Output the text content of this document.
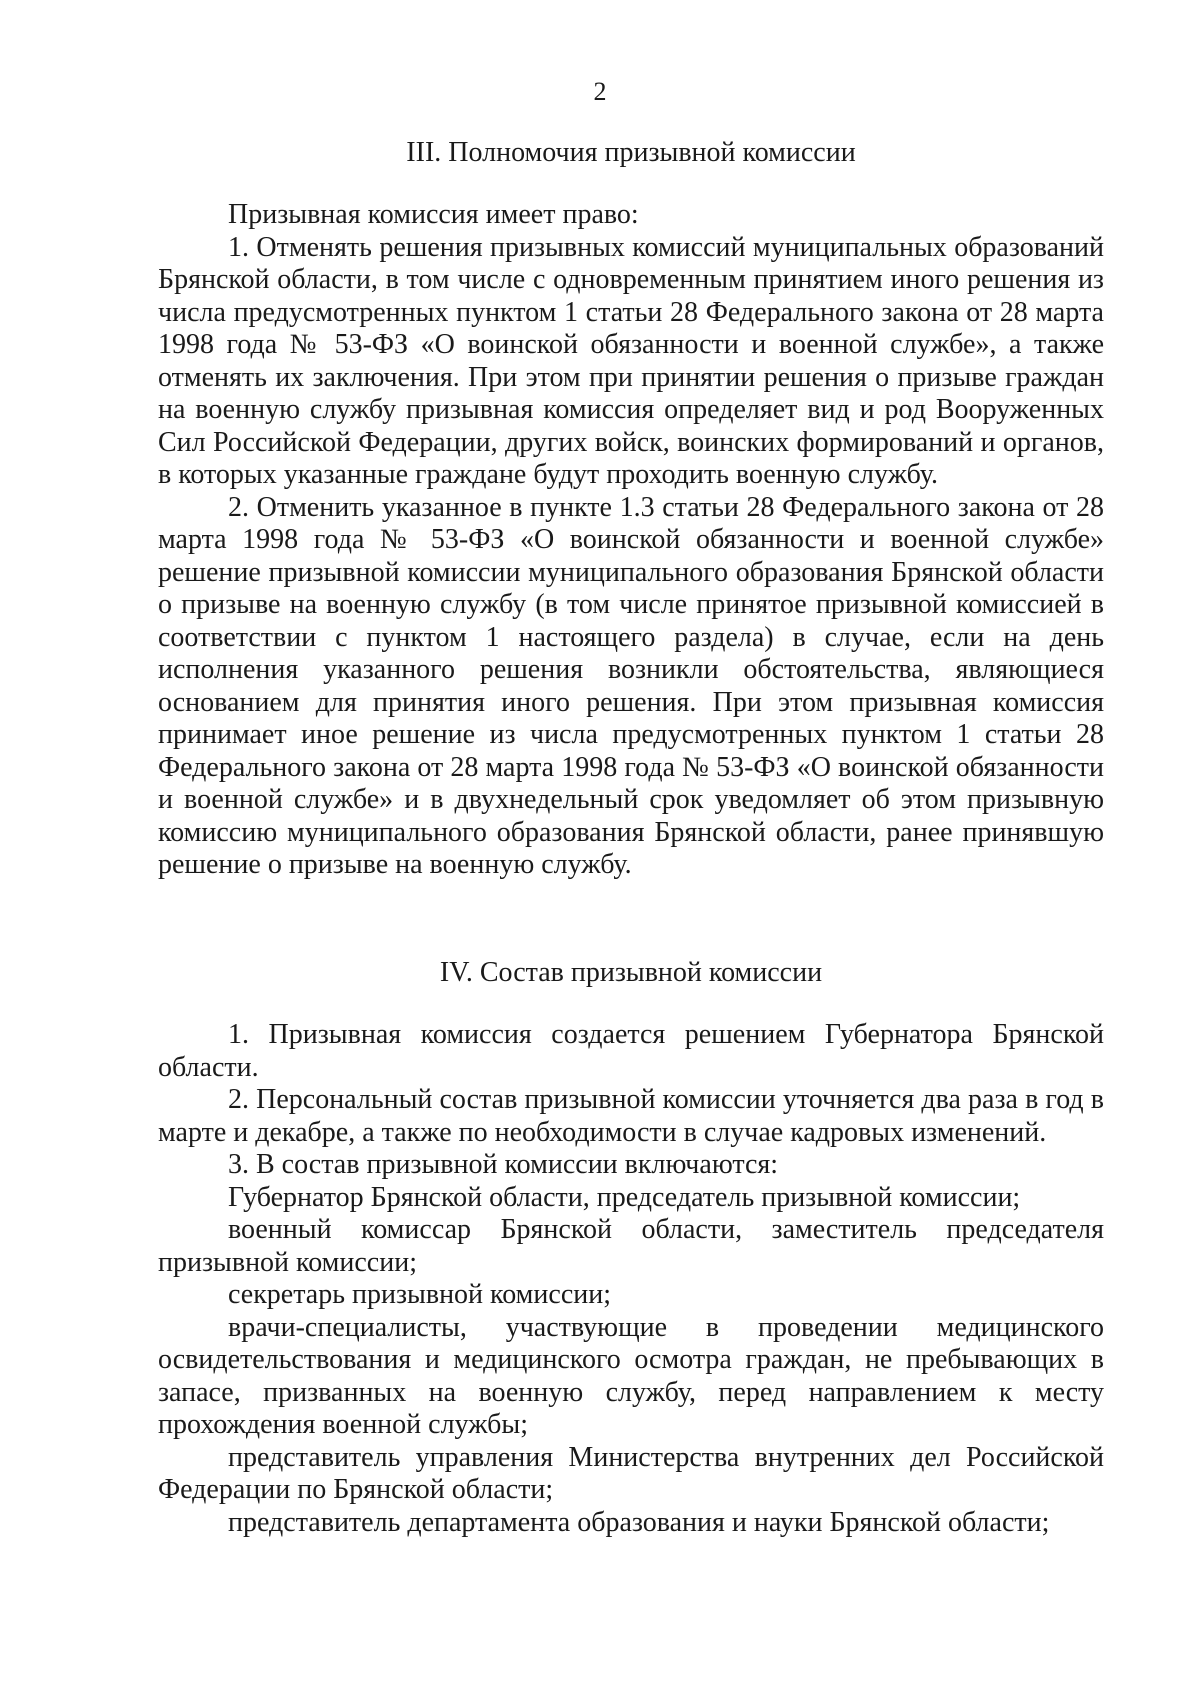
2
III. Полномочия призывной комиссии

Призывная комиссия имеет право:

1. Отменять решения призывных комиссий муниципальных образований Брянской области, в том числе с одновременным принятием иного решения из числа предусмотренных пунктом 1 статьи 28 Федерального закона от 28 марта 1998 года № 53-ФЗ «О воинской обязанности и военной службе», а также отменять их заключения. При этом при принятии решения о призыве граждан на военную службу призывная комиссия определяет вид и род Вооруженных Сил Российской Федерации, других войск, воинских формирований и органов, в которых указанные граждане будут проходить военную службу.

2. Отменить указанное в пункте 1.3 статьи 28 Федерального закона от 28 марта 1998 года № 53-ФЗ «О воинской обязанности и военной службе» решение призывной комиссии муниципального образования Брянской области о призыве на военную службу (в том числе принятое призывной комиссией в соответствии с пунктом 1 настоящего раздела) в случае, если на день исполнения указанного решения возникли обстоятельства, являющиеся основанием для принятия иного решения. При этом призывная комиссия принимает иное решение из числа предусмотренных пунктом 1 статьи 28 Федерального закона от 28 марта 1998 года № 53-ФЗ «О воинской обязанности и военной службе» и в двухнедельный срок уведомляет об этом призывную комиссию муниципального образования Брянской области, ранее принявшую решение о призыве на военную службу.

IV. Состав призывной комиссии

1. Призывная комиссия создается решением Губернатора Брянской области.

2. Персональный состав призывной комиссии уточняется два раза в год в марте и декабре, а также по необходимости в случае кадровых изменений.

3. В состав призывной комиссии включаются:

Губернатор Брянской области, председатель призывной комиссии;

военный комиссар Брянской области, заместитель председателя призывной комиссии;

секретарь призывной комиссии;

врачи-специалисты, участвующие в проведении медицинского освидетельствования и медицинского осмотра граждан, не пребывающих в запасе, призванных на военную службу, перед направлением к месту прохождения военной службы;

представитель управления Министерства внутренних дел Российской Федерации по Брянской области;

представитель департамента образования и науки Брянской области;
